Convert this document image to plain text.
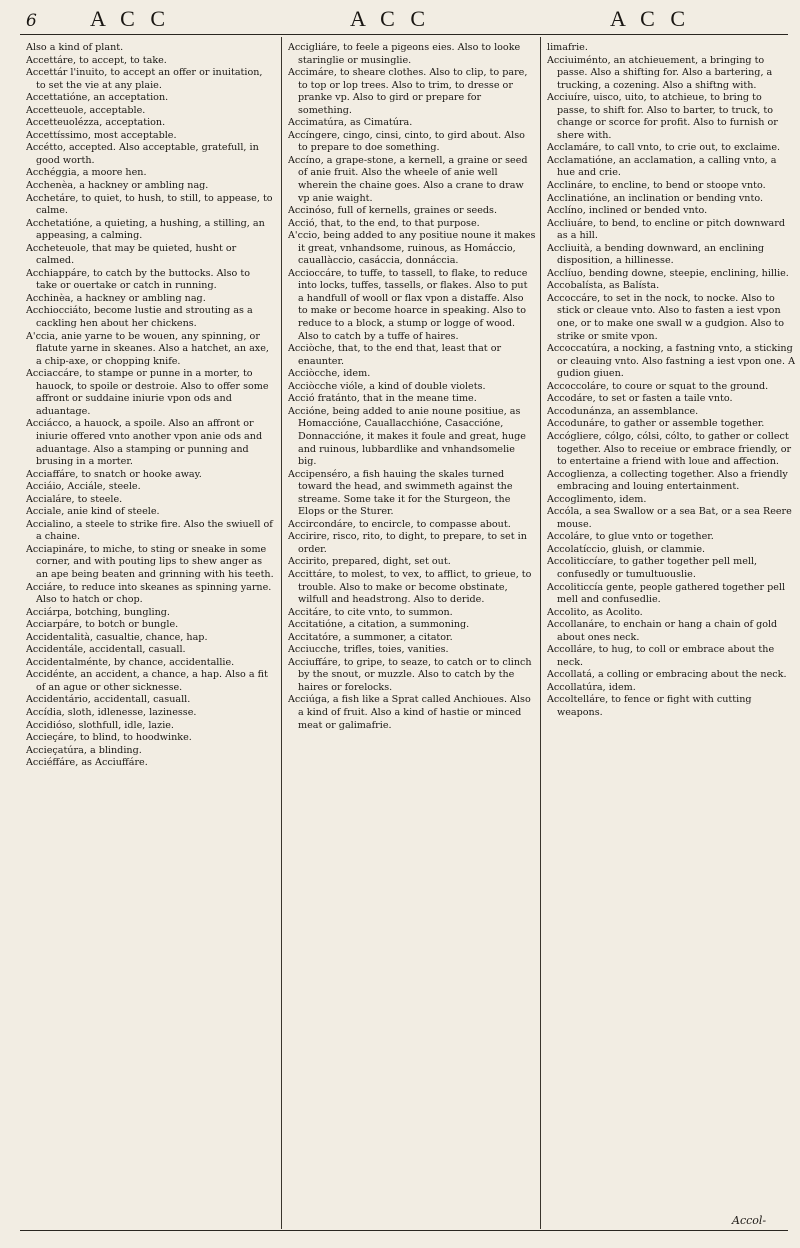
6 A C C	A C C	A C C

Also a kind of plant.

Accettáre, to accept, to take.

Accettár l'inuito, to accept an offer or inuitation, to set the vie at any plaie.

Accettatióne, an acceptation.

Accetteuole, acceptable.

Accetteuolézza, acceptation.

Accettíssimo, most acceptable.

Accétto, accepted. Also acceptable, gratefull, in good worth.

Acchéggia, a moore hen.

Acchenèa, a hackney or ambling nag.

Acchetáre, to quiet, to hush, to still, to appease, to calme.

Acchetatióne, a quieting, a hushing, a stilling, an appeasing, a calming.

Accheteuole, that may be quieted, husht or calmed.

Acchiappáre, to catch by the buttocks. Also to take or ouertake or catch in running.

Acchinèa, a hackney or ambling nag.

Acchiocciáto, become lustie and strouting as a cackling hen about her chickens.

A'ccia, anie yarne to be wouen, any spinning, or flatute yarne in skeanes. Also a hatchet, an axe, a chip-axe, or chopping knife.

Acciaccáre, to stampe or punne in a morter, to hauock, to spoile or destroie. Also to offer some affront or suddaine iniurie vpon ods and aduantage.

Acciácco, a hauock, a spoile. Also an affront or iniurie offered vnto another vpon anie ods and aduantage. Also a stamping or punning and brusing in a morter.

Acciaffáre, to snatch or hooke away.

Acciáio, Acciále, steele.

Accialáre, to steele.

Acciale, anie kind of steele.

Accialino, a steele to strike fire. Also the swiuell of a chaine.

Acciapináre, to miche, to sting or sneake in some corner, and with pouting lips to shew anger as an ape being beaten and grinning with his teeth.

Acciáre, to reduce into skeanes as spinning yarne. Also to hatch or chop.

Acciárpa, botching, bungling.

Acciarpáre, to botch or bungle.

Accidentalità, casualtie, chance, hap.

Accidentále, accidentall, casuall.

Accidentalménte, by chance, accidentallie.

Accidénte, an accident, a chance, a hap. Also a fit of an ague or other sicknesse.

Accidentário, accidentall, casuall.

Accídia, sloth, idlenesse, lazinesse.

Accidióso, slothfull, idle, lazie.

Accieçáre, to blind, to hoodwinke.

Accieçatúra, a blinding.

Acciéffáre, as Acciuffáre.

Accigliáre, to feele a pigeons eies. Also to looke staringlie or musinglie.

Accimáre, to sheare clothes. Also to clip, to pare, to top or lop trees. Also to trim, to dresse or pranke vp. Also to gird or prepare for something.

Accimatúra, as Cimatúra.

Accíngere, cingo, cinsi, cinto, to gird about. Also to prepare to doe something.

Accíno, a grape-stone, a kernell, a graine or seed of anie fruit. Also the wheele of anie well wherein the chaine goes. Also a crane to draw vp anie waight.

Accinóso, full of kernells, graines or seeds.

Acció, that, to the end, to that purpose.

A'ccio, being added to any positiue noune it makes it great, vnhandsome, ruinous, as Homáccio, cauallàccio, casáccia, donnáccia.

Accioccáre, to tuffe, to tassell, to flake, to reduce into locks, tuffes, tassells, or flakes. Also to put a handfull of wooll or flax vpon a distaffe. Also to make or become hoarce in speaking. Also to reduce to a block, a stump or logge of wood. Also to catch by a tuffe of haires.

Acciòche, that, to the end that, least that or enaunter.

Acciòcche, idem.

Acciòcche vióle, a kind of double violets.

Acció fratánto, that in the meane time.

Accióne, being added to anie noune positiue, as Homaccióne, Cauallacchióne, Casaccióne, Donnaccióne, it makes it foule and great, huge and ruinous, lubbardlike and vnhandsomelie big.

Accipenséro, a fish hauing the skales turned toward the head, and swimmeth against the streame. Some take it for the Sturgeon, the Elops or the Sturer.

Accircondáre, to encircle, to compasse about.

Accirire, risco, rito, to dight, to prepare, to set in order.

Accirito, prepared, dight, set out.

Accittáre, to molest, to vex, to afflict, to grieue, to trouble. Also to make or become obstinate, wilfull and headstrong. Also to deride.

Accitáre, to cite vnto, to summon.

Accitatióne, a citation, a summoning.

Accitatóre, a summoner, a citator.

Acciucche, trifles, toies, vanities.

Acciuffáre, to gripe, to seaze, to catch or to clinch by the snout, or muzzle. Also to catch by the haires or forelocks.

Acciúga, a fish like a Sprat called Anchioues. Also a kind of fruit. Also a kind of hastie or minced meat or galimafrie.

limafrie.

Acciuiménto, an atchieuement, a bringing to passe. Also a shifting for. Also a bartering, a trucking, a cozening. Also a shiftng with.

Acciuíre, uisco, uito, to atchieue, to bring to passe, to shift for. Also to barter, to truck, to change or scorce for profit. Also to furnish or shere with.

Acclamáre, to call vnto, to crie out, to exclaime.

Acclamatióne, an acclamation, a calling vnto, a hue and crie.

Acclináre, to encline, to bend or stoope vnto.

Acclinatióne, an inclination or bending vnto.

Acclíno, inclined or bended vnto.

Accliuáre, to bend, to encline or pitch downward as a hill.

Accliuità, a bending downward, an enclining disposition, a hillinesse.

Acclíuo, bending downe, steepie, enclining, hillie.

Accobalísta, as Balísta.

Accoccáre, to set in the nock, to nocke. Also to stick or cleaue vnto. Also to fasten a iest vpon one, or to make one swall w a gudgion. Also to strike or smite vpon.

Accoccatúra, a nocking, a fastning vnto, a sticking or cleauing vnto. Also fastning a iest vpon one. A gudion giuen.

Accoccoláre, to coure or squat to the ground.

Accodáre, to set or fasten a taile vnto.

Accodunánza, an assemblance.

Accodunáre, to gather or assemble together.

Accógliere, cólgo, cólsi, cólto, to gather or collect together. Also to receiue or embrace friendly, or to entertaine a friend with loue and affection.

Accoglienza, a collecting together. Also a friendly embracing and louing entertainment.

Accoglimento, idem.

Accóla, a sea Swallow or a sea Bat, or a sea Reere mouse.

Accoláre, to glue vnto or together.

Accolatíccio, gluish, or clammie.

Accoliticcíare, to gather together pell mell, confusedly or tumultuouslie.

Accoliticcía gente, people gathered together pell mell and confusedlie.

Accolito, as Acolito.

Accollanáre, to enchain or hang a chain of gold about ones neck.

Accolláre, to hug, to coll or embrace about the neck.

Accollatá, a colling or embracing about the neck.

Accollatúra, idem.

Accoltelláre, to fence or fight with cutting weapons.

Accol-
